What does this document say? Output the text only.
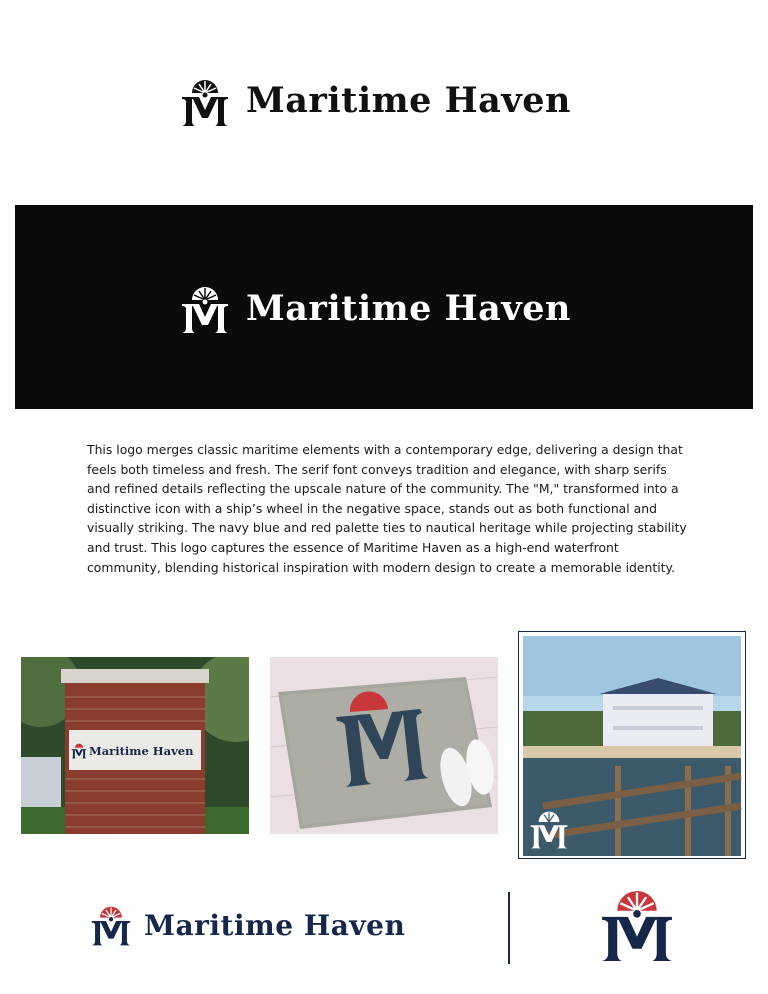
Maritime Haven
Maritime Haven

This logo merges classic maritime elements with a contemporary edge, delivering a design that feels both timeless and fresh. The serif font conveys tradition and elegance, with sharp serifs and refined details reflecting the upscale nature of the community. The "M," transformed into a distinctive icon with a ship’s wheel in the negative space, stands out as both functional and visually striking. The navy blue and red palette ties to nautical heritage while projecting stability and trust. This logo captures the essence of Maritime Haven as a high-end waterfront community, blending historical inspiration with modern design to create a memorable identity.

Maritime Haven
Maritime Haven
